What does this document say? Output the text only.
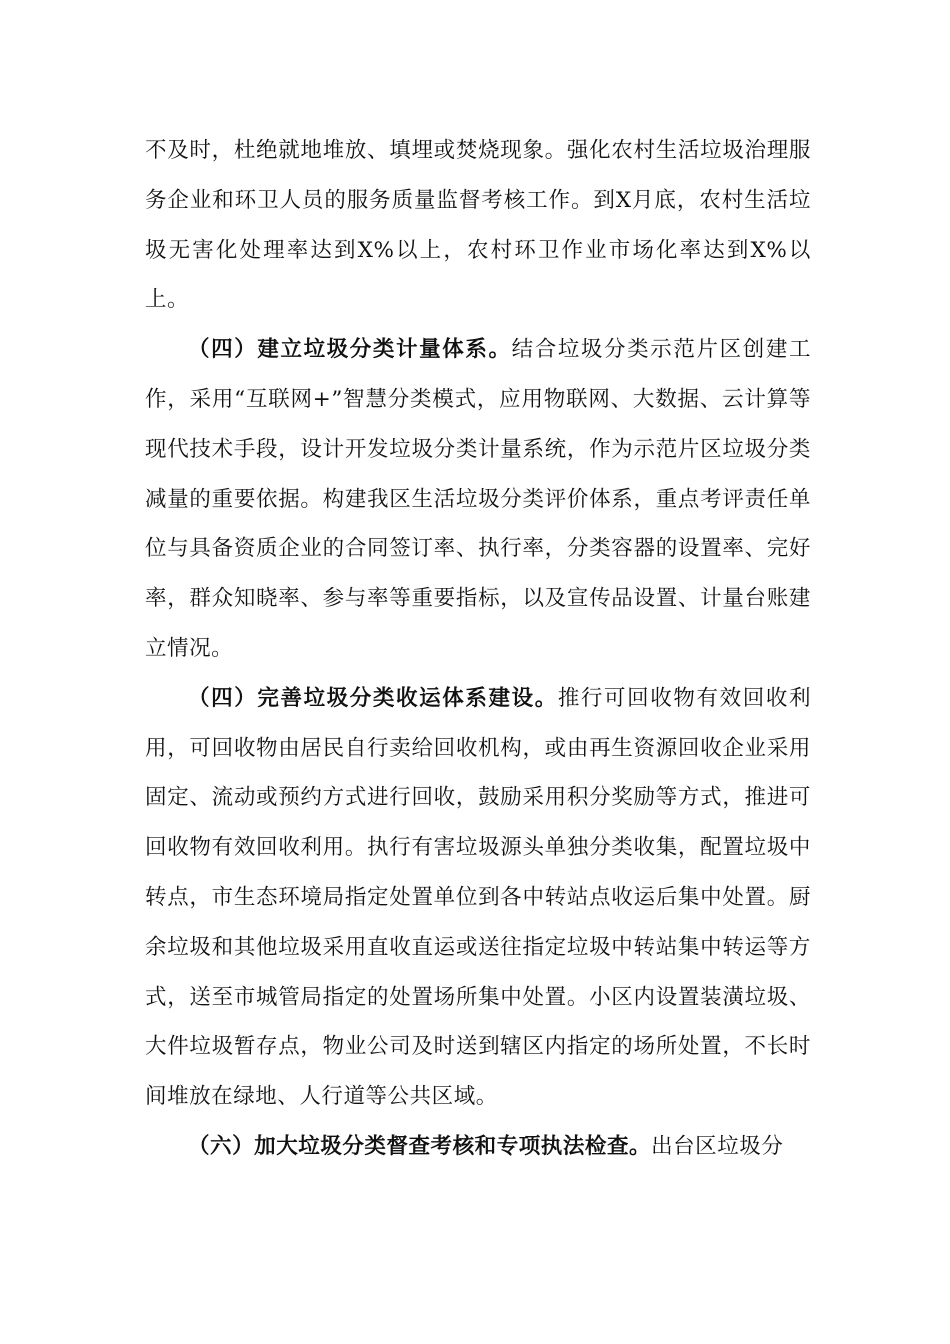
不及时，杜绝就地堆放、填埋或焚烧现象。强化农村生活垃圾治理服务企业和环卫人员的服务质量监督考核工作。到X月底，农村生活垃圾无害化处理率达到X%以上，农村环卫作业市场化率达到X%以上。

（四）建立垃圾分类计量体系。结合垃圾分类示范片区创建工作，采用“互联网+”智慧分类模式，应用物联网、大数据、云计算等现代技术手段，设计开发垃圾分类计量系统，作为示范片区垃圾分类减量的重要依据。构建我区生活垃圾分类评价体系，重点考评责任单位与具备资质企业的合同签订率、执行率，分类容器的设置率、完好率，群众知晓率、参与率等重要指标，以及宣传品设置、计量台账建立情况。

（四）完善垃圾分类收运体系建设。推行可回收物有效回收利用，可回收物由居民自行卖给回收机构，或由再生资源回收企业采用固定、流动或预约方式进行回收，鼓励采用积分奖励等方式，推进可回收物有效回收利用。执行有害垃圾源头单独分类收集，配置垃圾中转点，市生态环境局指定处置单位到各中转站点收运后集中处置。厨余垃圾和其他垃圾采用直收直运或送往指定垃圾中转站集中转运等方式，送至市城管局指定的处置场所集中处置。小区内设置装潢垃圾、大件垃圾暂存点，物业公司及时送到辖区内指定的场所处置，不长时间堆放在绿地、人行道等公共区域。

（六）加大垃圾分类督查考核和专项执法检查。出台区垃圾分
